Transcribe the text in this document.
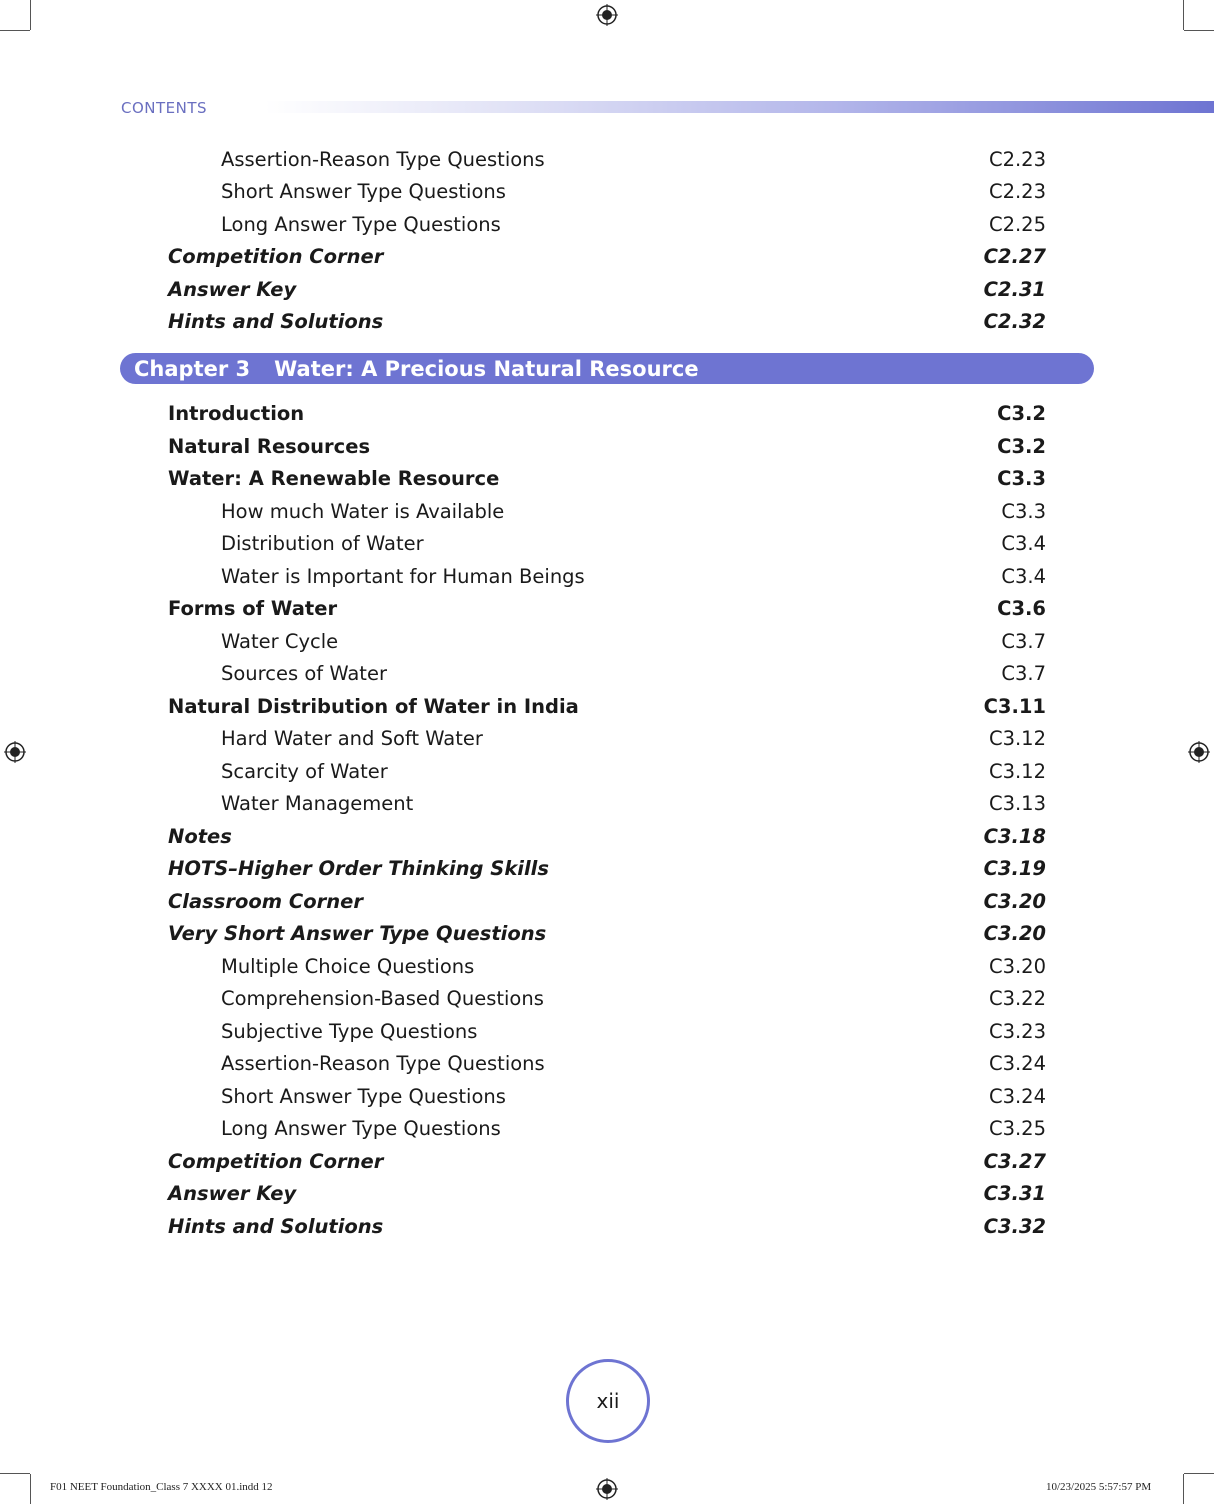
CONTENTS
Assertion-Reason Type Questions	C2.23
Short Answer Type Questions	C2.23
Long Answer Type Questions	C2.25
Competition Corner	C2.27
Answer Key	C2.31
Hints and Solutions	C2.32
Chapter 3 Water: A Precious Natural Resource
Introduction	C3.2
Natural Resources	C3.2
Water: A Renewable Resource	C3.3
How much Water is Available	C3.3
Distribution of Water	C3.4
Water is Important for Human Beings	C3.4
Forms of Water	C3.6
Water Cycle	C3.7
Sources of Water	C3.7
Natural Distribution of Water in India	C3.11
Hard Water and Soft Water	C3.12
Scarcity of Water	C3.12
Water Management	C3.13
Notes	C3.18
HOTS–Higher Order Thinking Skills	C3.19
Classroom Corner	C3.20
Very Short Answer Type Questions	C3.20
Multiple Choice Questions	C3.20
Comprehension-Based Questions	C3.22
Subjective Type Questions	C3.23
Assertion-Reason Type Questions	C3.24
Short Answer Type Questions	C3.24
Long Answer Type Questions	C3.25
Competition Corner	C3.27
Answer Key	C3.31
Hints and Solutions	C3.32
xii
F01 NEET Foundation_Class 7 XXXX 01.indd 12	10/23/2025 5:57:57 PM
